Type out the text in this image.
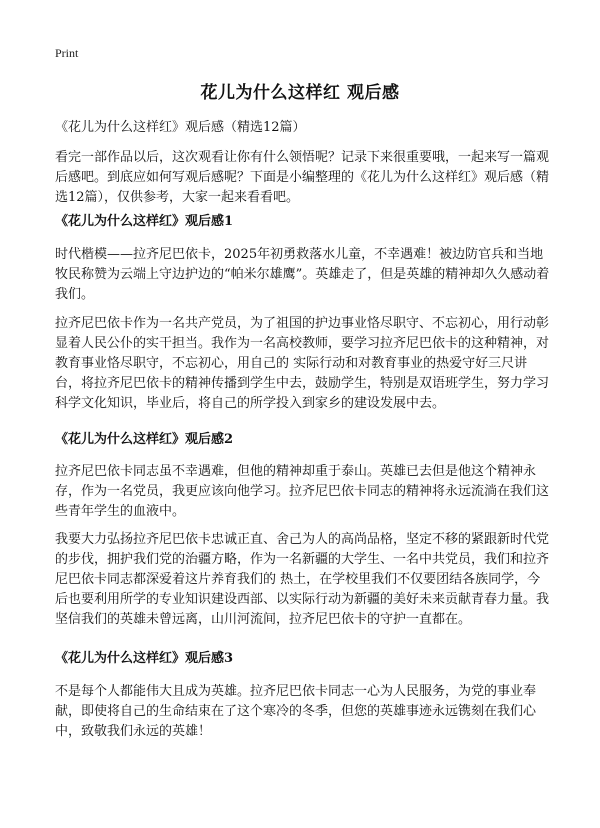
Print
花儿为什么这样红 观后感

《花儿为什么这样红》观后感（精选12篇）

看完一部作品以后，这次观看让你有什么领悟呢？记录下来很重要哦，一起来写一篇观后感吧。到底应如何写观后感呢？下面是小编整理的《花儿为什么这样红》观后感（精选12篇），仅供参考，大家一起来看看吧。

《花儿为什么这样红》观后感1

时代楷模——拉齐尼巴依卡，2025年初勇救落水儿童，不幸遇难！被边防官兵和当地牧民称赞为云端上守边护边的“帕米尔雄鹰”。英雄走了，但是英雄的精神却久久感动着我们。

拉齐尼巴依卡作为一名共产党员，为了祖国的护边事业恪尽职守、不忘初心，用行动彰显着人民公仆的实干担当。我作为一名高校教师，要学习拉齐尼巴依卡的这种精神，对教育事业恪尽职守，不忘初心，用自己的 实际行动和对教育事业的热爱守好三尺讲台，将拉齐尼巴依卡的精神传播到学生中去，鼓励学生，特别是双语班学生，努力学习科学文化知识，毕业后，将自己的所学投入到家乡的建设发展中去。

《花儿为什么这样红》观后感2

拉齐尼巴依卡同志虽不幸遇难，但他的精神却重于泰山。英雄已去但是他这个精神永存，作为一名党员，我更应该向他学习。拉齐尼巴依卡同志的精神将永远流淌在我们这些青年学生的血液中。

我要大力弘扬拉齐尼巴依卡忠诚正直、舍己为人的高尚品格，坚定不移的紧跟新时代党的步伐，拥护我们党的治疆方略，作为一名新疆的大学生、一名中共党员，我们和拉齐尼巴依卡同志都深爱着这片养育我们的 热土，在学校里我们不仅要团结各族同学，今后也要利用所学的专业知识建设西部、以实际行动为新疆的美好未来贡献青春力量。我坚信我们的英雄未曾远离，山川河流间，拉齐尼巴依卡的守护一直都在。

《花儿为什么这样红》观后感3

不是每个人都能伟大且成为英雄。拉齐尼巴依卡同志一心为人民服务，为党的事业奉献，即使将自己的生命结束在了这个寒冷的冬季，但您的英雄事迹永远镌刻在我们心中，致敬我们永远的英雄！
